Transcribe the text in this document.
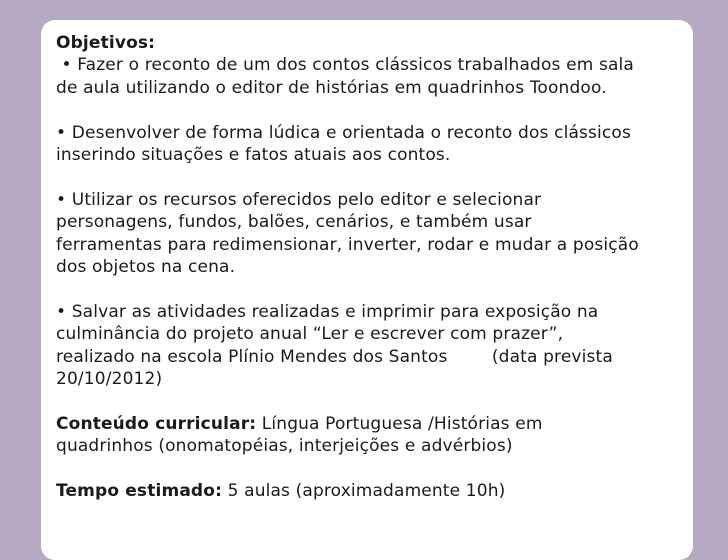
Objetivos:
• Fazer o reconto de um dos contos clássicos trabalhados em sala
de aula utilizando o editor de histórias em quadrinhos Toondoo.
• Desenvolver de forma lúdica e orientada o reconto dos clássicos
inserindo situações e fatos atuais aos contos.
• Utilizar os recursos oferecidos pelo editor e selecionar
personagens, fundos, balões, cenários, e também usar
ferramentas para redimensionar, inverter, rodar e mudar a posição
dos objetos na cena.
• Salvar as atividades realizadas e imprimir para exposição na
culminância do projeto anual “Ler e escrever com prazer”,
realizado na escola Plínio Mendes dos Santos        (data prevista
20/10/2012)
Conteúdo curricular: Língua Portuguesa /Histórias em
quadrinhos (onomatopéias, interjeições e advérbios)
Tempo estimado: 5 aulas (aproximadamente 10h)
